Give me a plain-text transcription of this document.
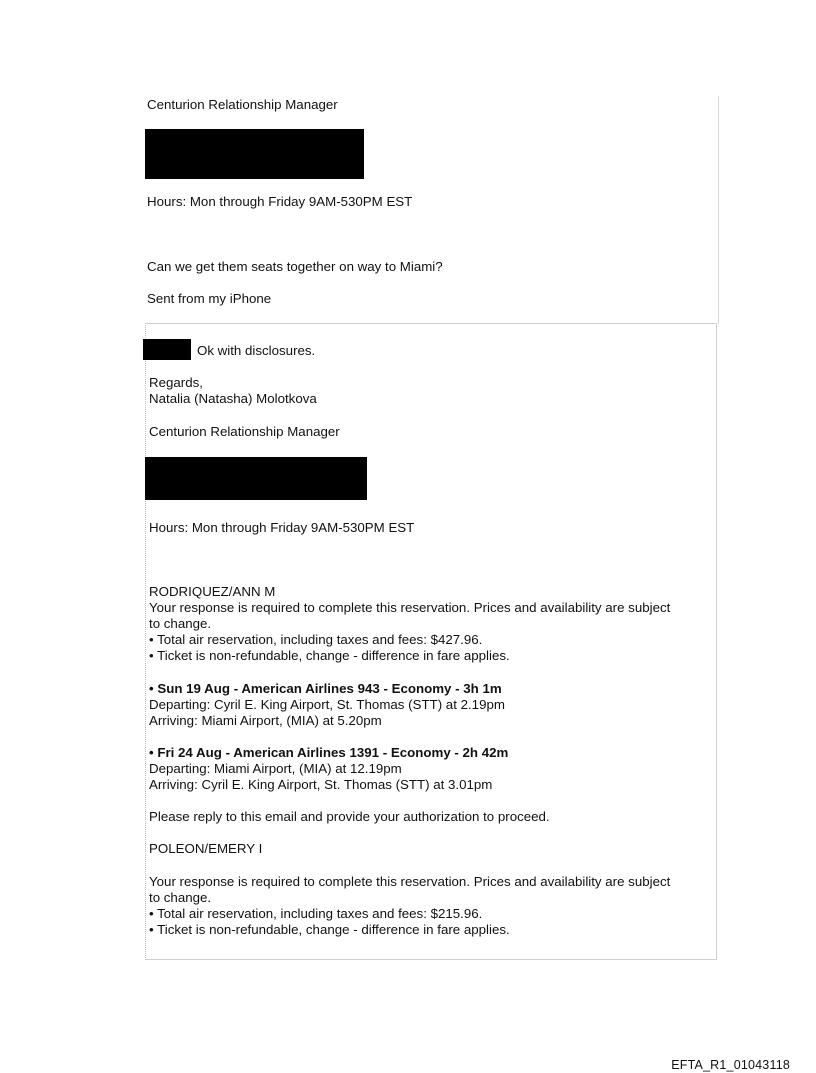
Centurion Relationship Manager
Hours: Mon through Friday 9AM-530PM EST
Can we get them seats together on way to Miami?
Sent from my iPhone
Ok with disclosures.
Regards,
Natalia (Natasha) Molotkova
Centurion Relationship Manager
Hours: Mon through Friday 9AM-530PM EST
RODRIQUEZ/ANN M
Your response is required to complete this reservation. Prices and availability are subject
to change.
• Total air reservation, including taxes and fees: $427.96.
• Ticket is non-refundable, change - difference in fare applies.
• Sun 19 Aug - American Airlines 943 - Economy - 3h 1m
Departing: Cyril E. King Airport, St. Thomas (STT) at 2.19pm
Arriving: Miami Airport, (MIA) at 5.20pm
• Fri 24 Aug - American Airlines 1391 - Economy - 2h 42m
Departing: Miami Airport, (MIA) at 12.19pm
Arriving: Cyril E. King Airport, St. Thomas (STT) at 3.01pm
Please reply to this email and provide your authorization to proceed.
POLEON/EMERY I
Your response is required to complete this reservation. Prices and availability are subject
to change.
• Total air reservation, including taxes and fees: $215.96.
• Ticket is non-refundable, change - difference in fare applies.
EFTA_R1_01043118
